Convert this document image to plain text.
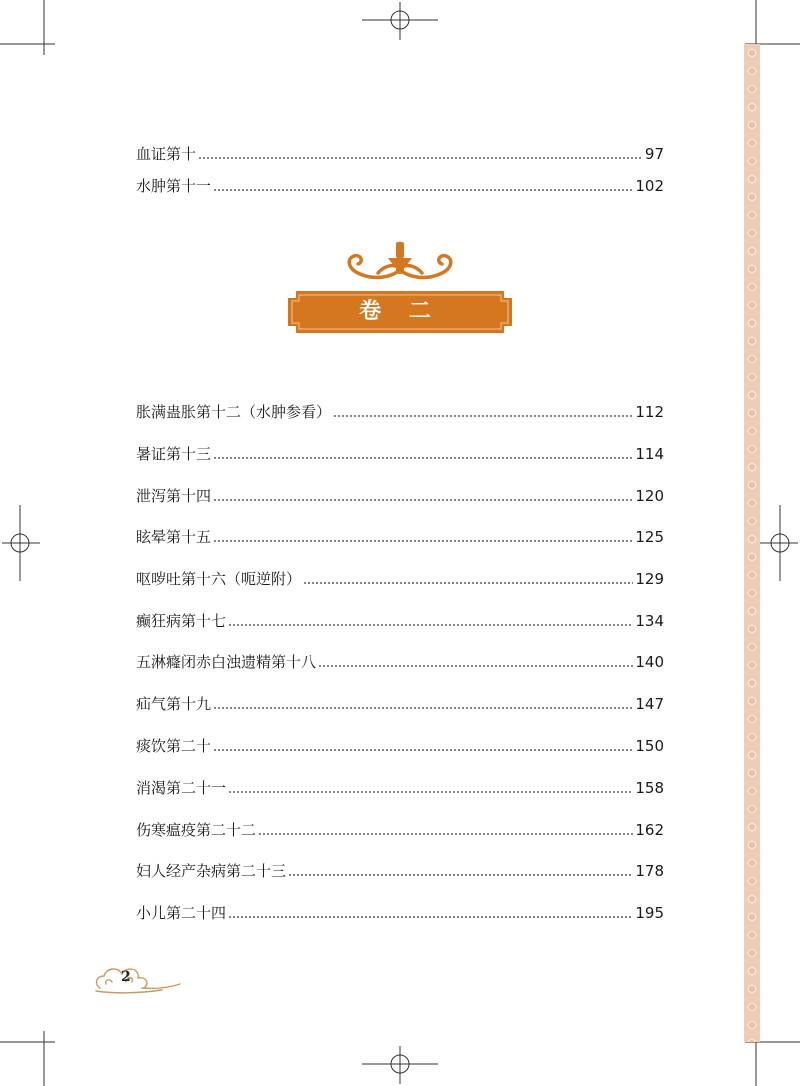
血证第十	97
水肿第十一	102
卷 二
胀满蛊胀第十二（水肿参看）	112
暑证第十三	114
泄泻第十四	120
眩晕第十五	125
呕哕吐第十六（呃逆附）	129
癫狂病第十七	134
五淋癃闭赤白浊遗精第十八	140
疝气第十九	147
痰饮第二十	150
消渴第二十一	158
伤寒瘟疫第二十二	162
妇人经产杂病第二十三	178
小儿第二十四	195
2
